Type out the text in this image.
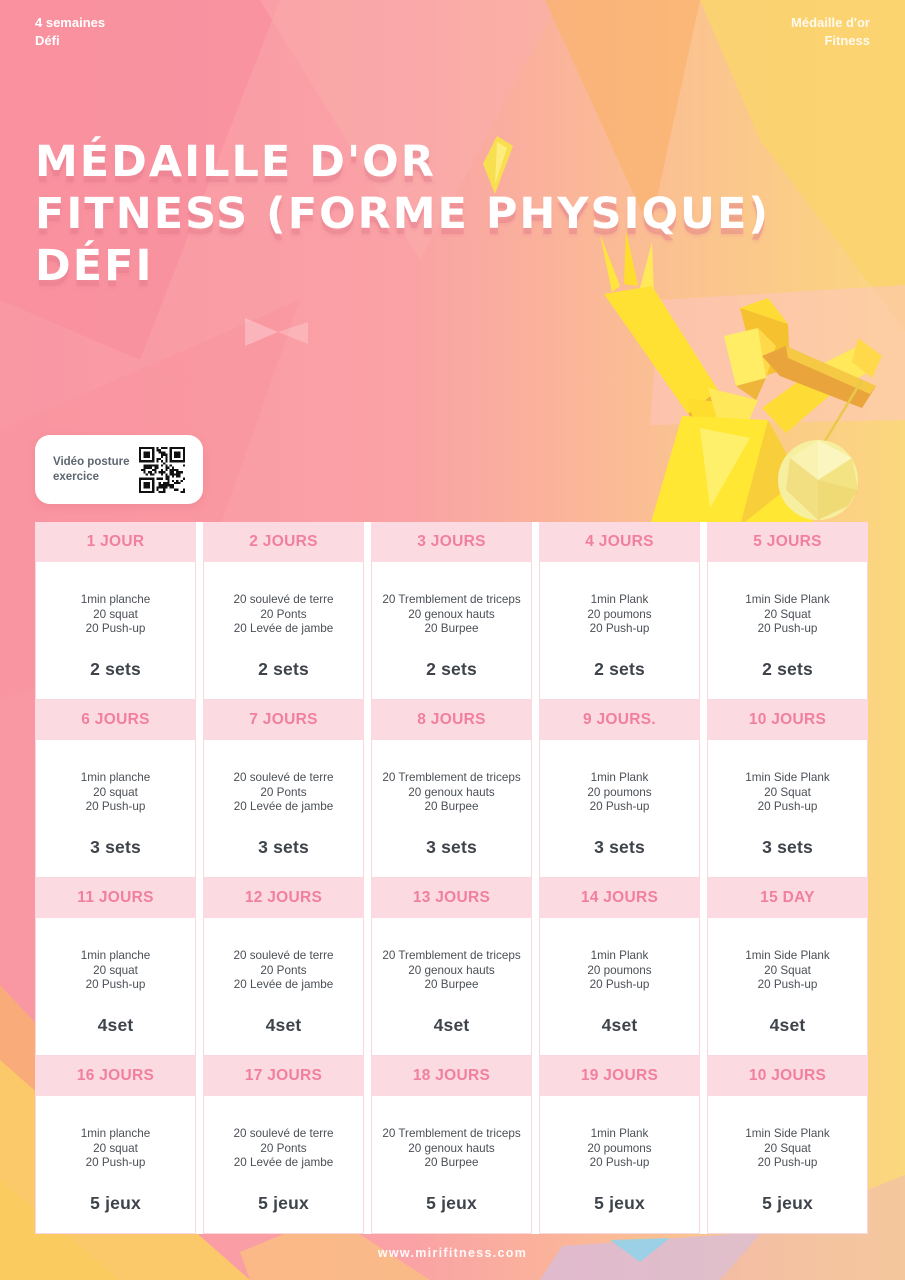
4 semaines
Défi
Médaille d'or
Fitness
MÉDAILLE D'OR
FITNESS (FORME PHYSIQUE)
DÉFI
Vidéo posture
exercice
1 JOUR	2 JOURS	3 JOURS	4 JOURS	5 JOURS
1min planche
20 squat
20 Push-up
2 sets
20 soulevé de terre
20 Ponts
20 Levée de jambe
2 sets
20 Tremblement de triceps
20 genoux hauts
20 Burpee
2 sets
1min Plank
20 poumons
20 Push-up
2 sets
1min Side Plank
20 Squat
20 Push-up
2 sets
6 JOURS	7 JOURS	8 JOURS	9 JOURS.	10 JOURS
1min planche
20 squat
20 Push-up
3 sets
20 soulevé de terre
20 Ponts
20 Levée de jambe
3 sets
20 Tremblement de triceps
20 genoux hauts
20 Burpee
3 sets
1min Plank
20 poumons
20 Push-up
3 sets
1min Side Plank
20 Squat
20 Push-up
3 sets
11 JOURS	12 JOURS	13 JOURS	14 JOURS	15 DAY
1min planche
20 squat
20 Push-up
4set
20 soulevé de terre
20 Ponts
20 Levée de jambe
4set
20 Tremblement de triceps
20 genoux hauts
20 Burpee
4set
1min Plank
20 poumons
20 Push-up
4set
1min Side Plank
20 Squat
20 Push-up
4set
16 JOURS	17 JOURS	18 JOURS	19 JOURS	10 JOURS
1min planche
20 squat
20 Push-up
5 jeux
20 soulevé de terre
20 Ponts
20 Levée de jambe
5 jeux
20 Tremblement de triceps
20 genoux hauts
20 Burpee
5 jeux
1min Plank
20 poumons
20 Push-up
5 jeux
1min Side Plank
20 Squat
20 Push-up
5 jeux
www.mirifitness.com
